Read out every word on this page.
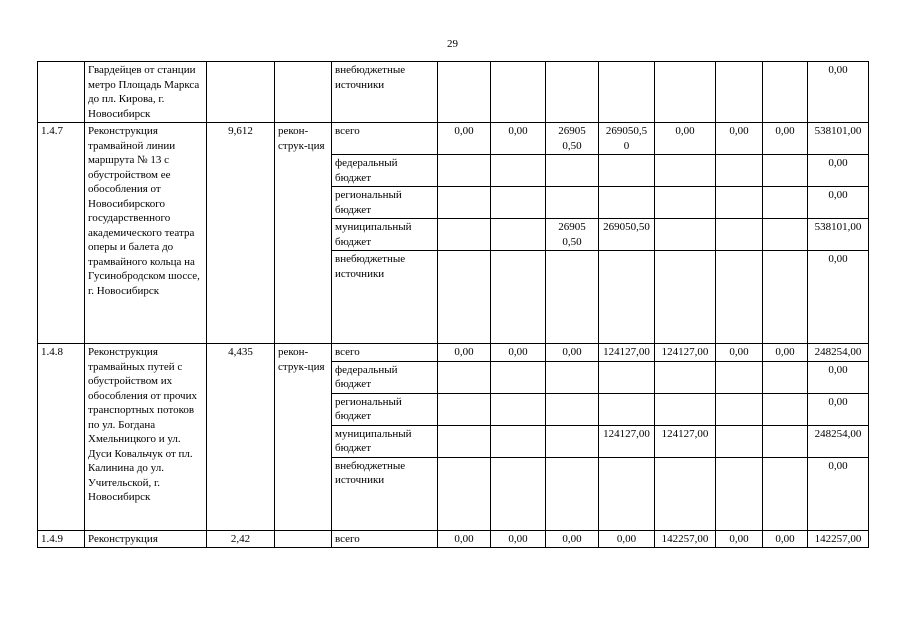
29
	Гвардейцев от станции метро Площадь Маркса до пл. Кирова, г. Новосибирск			внебюджетные источники								0,00
1.4.7	Реконструкция трамвайной линии маршрута № 13 с обустройством ее обособления от Новосибирского государственного академического театра оперы и балета до трамвайного кольца на Гусинобродском шоссе, г. Новосибирск	9,612	рекон-струк-ция	всего	0,00	0,00	26905 0,50	269050,5 0	0,00	0,00	0,00	538101,00
				федеральный бюджет								0,00
				региональный бюджет								0,00
				муниципальный бюджет			26905 0,50	269050,50				538101,00
				внебюджетные источники								0,00
1.4.8	Реконструкция трамвайных путей с обустройством их обособления от прочих транспортных потоков по ул. Богдана Хмельницкого и ул. Дуси Ковальчук от пл. Калинина до ул. Учительской, г. Новосибирск	4,435	рекон-струк-ция	всего	0,00	0,00	0,00	124127,00	124127,00	0,00	0,00	248254,00
				федеральный бюджет								0,00
				региональный бюджет								0,00
				муниципальный бюджет				124127,00	124127,00			248254,00
				внебюджетные источники								0,00
1.4.9	Реконструкция	2,42		всего	0,00	0,00	0,00	0,00	142257,00	0,00	0,00	142257,00
